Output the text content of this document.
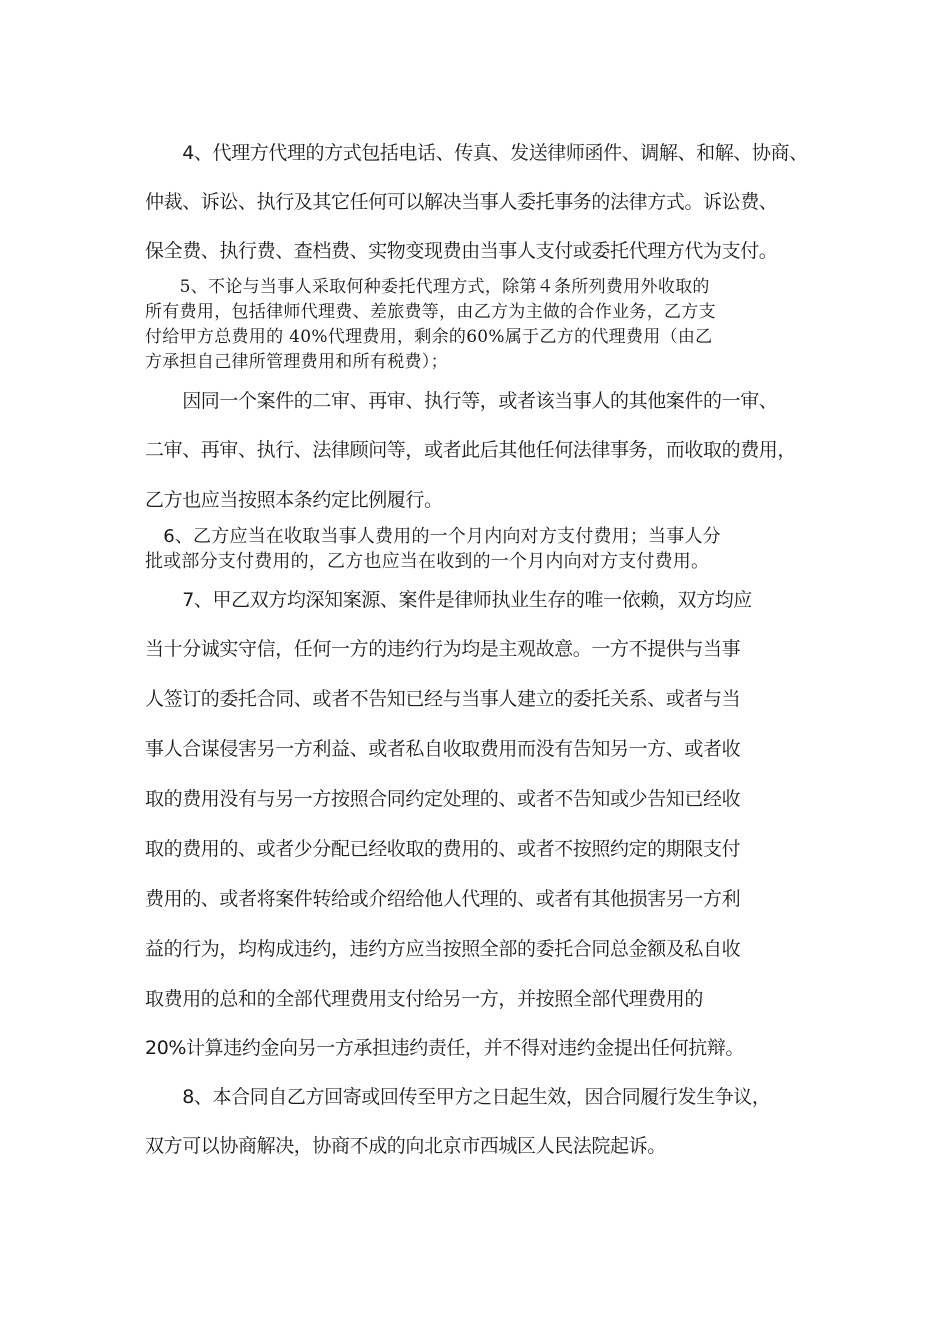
　　4、代理方代理的方式包括电话、传真、发送律师函件、调解、和解、协商、
仲裁、诉讼、执行及其它任何可以解决当事人委托事务的法律方式。诉讼费、
保全费、执行费、查档费、实物变现费由当事人支付或委托代理方代为支付。
　　5、不论与当事人采取何种委托代理方式，除第４条所列费用外收取的
所有费用，包括律师代理费、差旅费等，由乙方为主做的合作业务，乙方支
付给甲方总费用的 40%代理费用，剩余的60%属于乙方的代理费用（由乙
方承担自己律所管理费用和所有税费）；
　　因同一个案件的二审、再审、执行等，或者该当事人的其他案件的一审、
二审、再审、执行、法律顾问等，或者此后其他任何法律事务，而收取的费用，
乙方也应当按照本条约定比例履行。
　6、乙方应当在收取当事人费用的一个月内向对方支付费用；当事人分
批或部分支付费用的，乙方也应当在收到的一个月内向对方支付费用。
　　7、甲乙双方均深知案源、案件是律师执业生存的唯一依赖，双方均应
当十分诚实守信，任何一方的违约行为均是主观故意。一方不提供与当事
人签订的委托合同、或者不告知已经与当事人建立的委托关系、或者与当
事人合谋侵害另一方利益、或者私自收取费用而没有告知另一方、或者收
取的费用没有与另一方按照合同约定处理的、或者不告知或少告知已经收
取的费用的、或者少分配已经收取的费用的、或者不按照约定的期限支付
费用的、或者将案件转给或介绍给他人代理的、或者有其他损害另一方利
益的行为，均构成违约，违约方应当按照全部的委托合同总金额及私自收
取费用的总和的全部代理费用支付给另一方，并按照全部代理费用的
20%计算违约金向另一方承担违约责任，并不得对违约金提出任何抗辩。
　　8、本合同自乙方回寄或回传至甲方之日起生效，因合同履行发生争议，
双方可以协商解决，协商不成的向北京市西城区人民法院起诉。
